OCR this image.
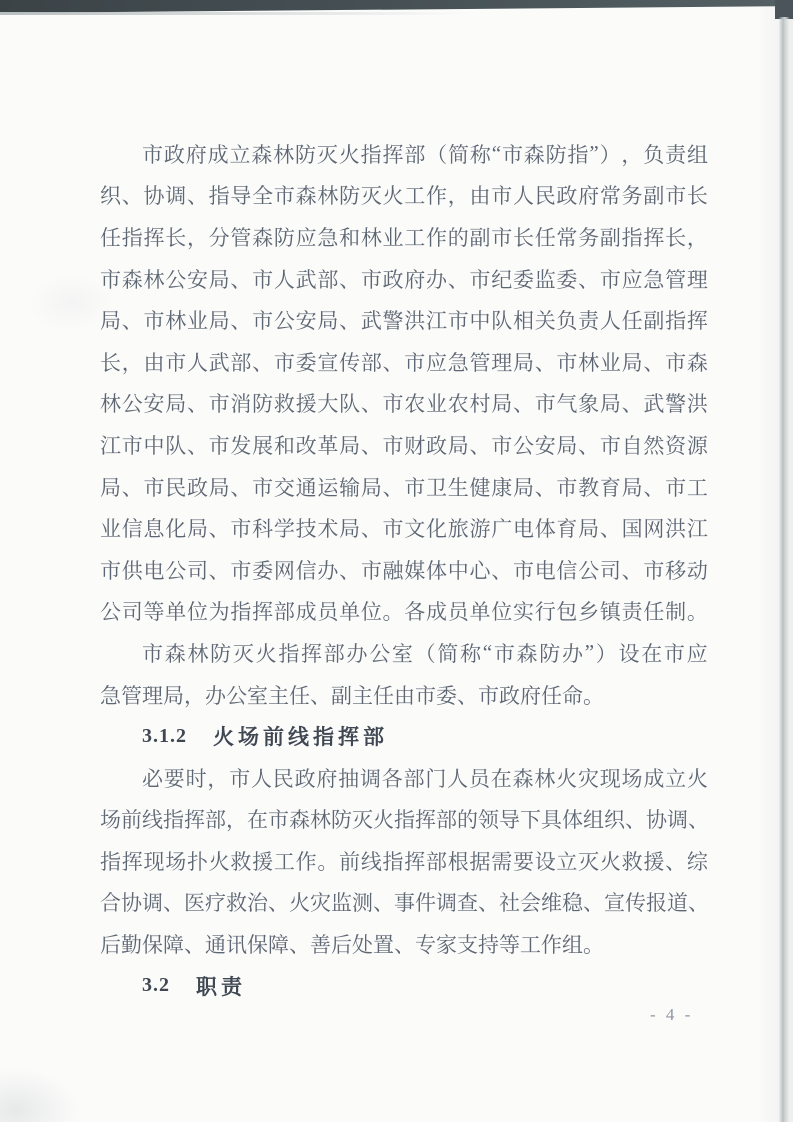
市 政 府 成 立 森 林 防 灭 火 指 挥 部 （ 简 称 “ 市 森 防 指 ” ） ， 负 责 组
织 、 协 调 、 指 导 全 市 森 林 防 灭 火 工 作 ， 由 市 人 民 政 府 常 务 副 市 长
任 指 挥 长 ， 分 管 森 防 应 急 和 林 业 工 作 的 副 市 长 任 常 务 副 指 挥 长 ，
市 森 林 公 安 局 、 市 人 武 部 、 市 政 府 办 、 市 纪 委 监 委 、 市 应 急 管 理
局 、 市 林 业 局 、 市 公 安 局 、 武 警 洪 江 市 中 队 相 关 负 责 人 任 副 指 挥
长 ， 由 市 人 武 部 、 市 委 宣 传 部 、 市 应 急 管 理 局 、 市 林 业 局 、 市 森
林 公 安 局 、 市 消 防 救 援 大 队 、 市 农 业 农 村 局 、 市 气 象 局 、 武 警 洪
江 市 中 队 、 市 发 展 和 改 革 局 、 市 财 政 局 、 市 公 安 局 、 市 自 然 资 源
局 、 市 民 政 局 、 市 交 通 运 输 局 、 市 卫 生 健 康 局 、 市 教 育 局 、 市 工
业 信 息 化 局 、 市 科 学 技 术 局 、 市 文 化 旅 游 广 电 体 育 局 、 国 网 洪 江
市 供 电 公 司 、 市 委 网 信 办 、 市 融 媒 体 中 心 、 市 电 信 公 司 、 市 移 动
公 司 等 单 位 为 指 挥 部 成 员 单 位 。 各 成 员 单 位 实 行 包 乡 镇 责 任 制 。
市 森 林 防 灭 火 指 挥 部 办 公 室 （ 简 称 “ 市 森 防 办 ” ） 设 在 市 应
急 管 理 局 ， 办 公 室 主 任 、 副 主 任 由 市 委 、 市 政 府 任 命 。
3.1.2 火场前线指挥部
必 要 时 ， 市 人 民 政 府 抽 调 各 部 门 人 员 在 森 林 火 灾 现 场 成 立 火
场 前 线 指 挥 部 ， 在 市 森 林 防 灭 火 指 挥 部 的 领 导 下 具 体 组 织 、 协 调 、
指 挥 现 场 扑 火 救 援 工 作 。 前 线 指 挥 部 根 据 需 要 设 立 灭 火 救 援 、 综
合 协 调 、 医 疗 救 治 、 火 灾 监 测 、 事 件 调 查 、 社 会 维 稳 、 宣 传 报 道 、
后 勤 保 障 、 通 讯 保 障 、 善 后 处 置 、 专 家 支 持 等 工 作 组 。
3.2 职责
- 4 -
